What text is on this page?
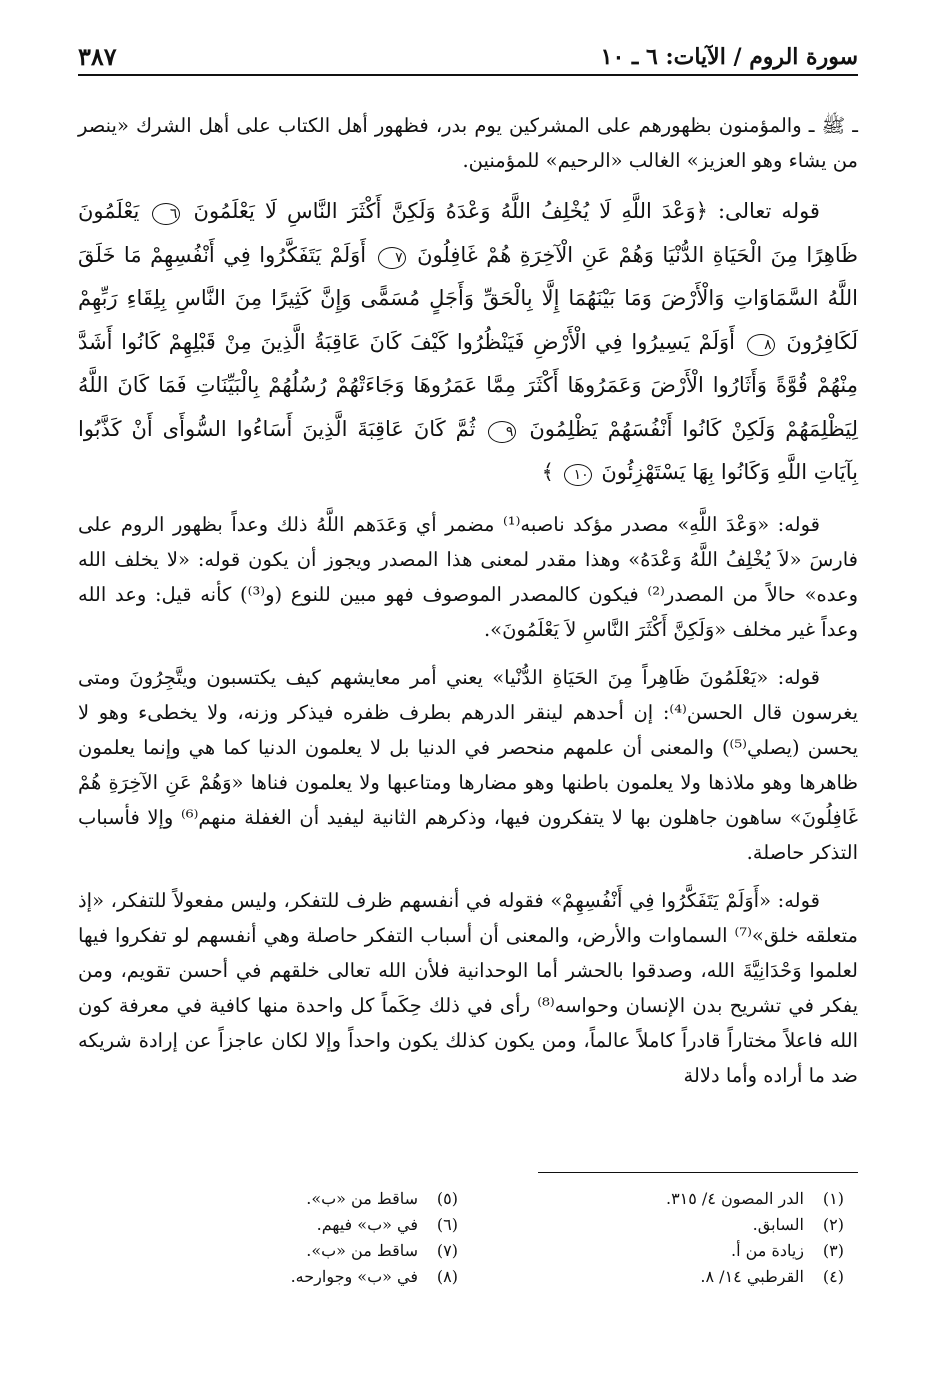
سورة الروم / الآيات: ٦ ـ ١٠
٣٨٧

ـ ﷺ ـ والمؤمنون بظهورهم على المشركين يوم بدر، فظهور أهل الكتاب على أهل الشرك «ينصر من يشاء وهو العزيز» الغالب «الرحيم» للمؤمنين.

قوله تعالى: ﴿وَعْدَ اللَّهِ لَا يُخْلِفُ اللَّهُ وَعْدَهُ وَلَكِنَّ أَكْثَرَ النَّاسِ لَا يَعْلَمُونَ ٦ يَعْلَمُونَ ظَاهِرًا مِنَ الْحَيَاةِ الدُّنْيَا وَهُمْ عَنِ الْآخِرَةِ هُمْ غَافِلُونَ ٧ أَوَلَمْ يَتَفَكَّرُوا فِي أَنْفُسِهِمْ مَا خَلَقَ اللَّهُ السَّمَاوَاتِ وَالْأَرْضَ وَمَا بَيْنَهُمَا إِلَّا بِالْحَقِّ وَأَجَلٍ مُسَمًّى وَإِنَّ كَثِيرًا مِنَ النَّاسِ بِلِقَاءِ رَبِّهِمْ لَكَافِرُونَ ٨ أَوَلَمْ يَسِيرُوا فِي الْأَرْضِ فَيَنْظُرُوا كَيْفَ كَانَ عَاقِبَةُ الَّذِينَ مِنْ قَبْلِهِمْ كَانُوا أَشَدَّ مِنْهُمْ قُوَّةً وَأَثَارُوا الْأَرْضَ وَعَمَرُوهَا أَكْثَرَ مِمَّا عَمَرُوهَا وَجَاءَتْهُمْ رُسُلُهُمْ بِالْبَيِّنَاتِ فَمَا كَانَ اللَّهُ لِيَظْلِمَهُمْ وَلَكِنْ كَانُوا أَنْفُسَهُمْ يَظْلِمُونَ ٩ ثُمَّ كَانَ عَاقِبَةَ الَّذِينَ أَسَاءُوا السُّوأَى أَنْ كَذَّبُوا بِآيَاتِ اللَّهِ وَكَانُوا بِهَا يَسْتَهْزِئُونَ ١٠ ﴾

قوله: «وَعْدَ اللَّهِ» مصدر مؤكد ناصبه⁽¹⁾ مضمر أي وَعَدَهم اللَّهُ ذلك وعداً بظهور الروم على فارسَ «لاَ يُخْلِفُ اللَّهُ وَعْدَهُ» وهذا مقدر لمعنى هذا المصدر ويجوز أن يكون قوله: «لا يخلف الله وعده» حالاً من المصدر⁽²⁾ فيكون كالمصدر الموصوف فهو مبين للنوع (و⁽³⁾) كأنه قيل: وعد الله وعداً غير مخلف «وَلَكِنَّ أَكْثَرَ النَّاسِ لاَ يَعْلَمُونَ».

قوله: «يَعْلَمُونَ ظَاهِراً مِنَ الحَيَاةِ الدُّنْيا» يعني أمر معايشهم كيف يكتسبون ويتَّجِرُونَ ومتى يغرسون قال الحسن⁽⁴⁾: إن أحدهم لينقر الدرهم بطرف ظفره فيذكر وزنه، ولا يخطىء وهو لا يحسن (يصلي⁽⁵⁾) والمعنى أن علمهم منحصر في الدنيا بل لا يعلمون الدنيا كما هي وإنما يعلمون ظاهرها وهو ملاذها ولا يعلمون باطنها وهو مضارها ومتاعبها ولا يعلمون فناها «وَهُمْ عَنِ الآخِرَةِ هُمْ غَافِلُونَ» ساهون جاهلون بها لا يتفكرون فيها، وذكرهم الثانية ليفيد أن الغفلة منهم⁽⁶⁾ وإلا فأسباب التذكر حاصلة.

قوله: «أَوَلَمْ يَتَفَكَّرُوا فِي أَنْفُسِهِمْ» فقوله في أنفسهم ظرف للتفكر، وليس مفعولاً للتفكر، «إذ متعلقه خلق»⁽⁷⁾ السماوات والأرض، والمعنى أن أسباب التفكر حاصلة وهي أنفسهم لو تفكروا فيها لعلموا وَحْدَانِيَّةَ الله، وصدقوا بالحشر أما الوحدانية فلأن الله تعالى خلقهم في أحسن تقويم، ومن يفكر في تشريح بدن الإنسان وحواسه⁽⁸⁾ رأى في ذلك حِكَماً كل واحدة منها كافية في معرفة كون الله فاعلاً مختاراً قادراً كاملاً عالماً، ومن يكون كذلك يكون واحداً وإلا لكان عاجزاً عن إرادة شريكه ضد ما أراده وأما دلالة

(١)الدر المصون ٤/ ٣١٥.
(٢)السابق.
(٣)زيادة من أ.
(٤)القرطبي ١٤/ ٨.
(٥)ساقط من «ب».
(٦)في «ب» فيهم.
(٧)ساقط من «ب».
(٨)في «ب» وجوارحه.
